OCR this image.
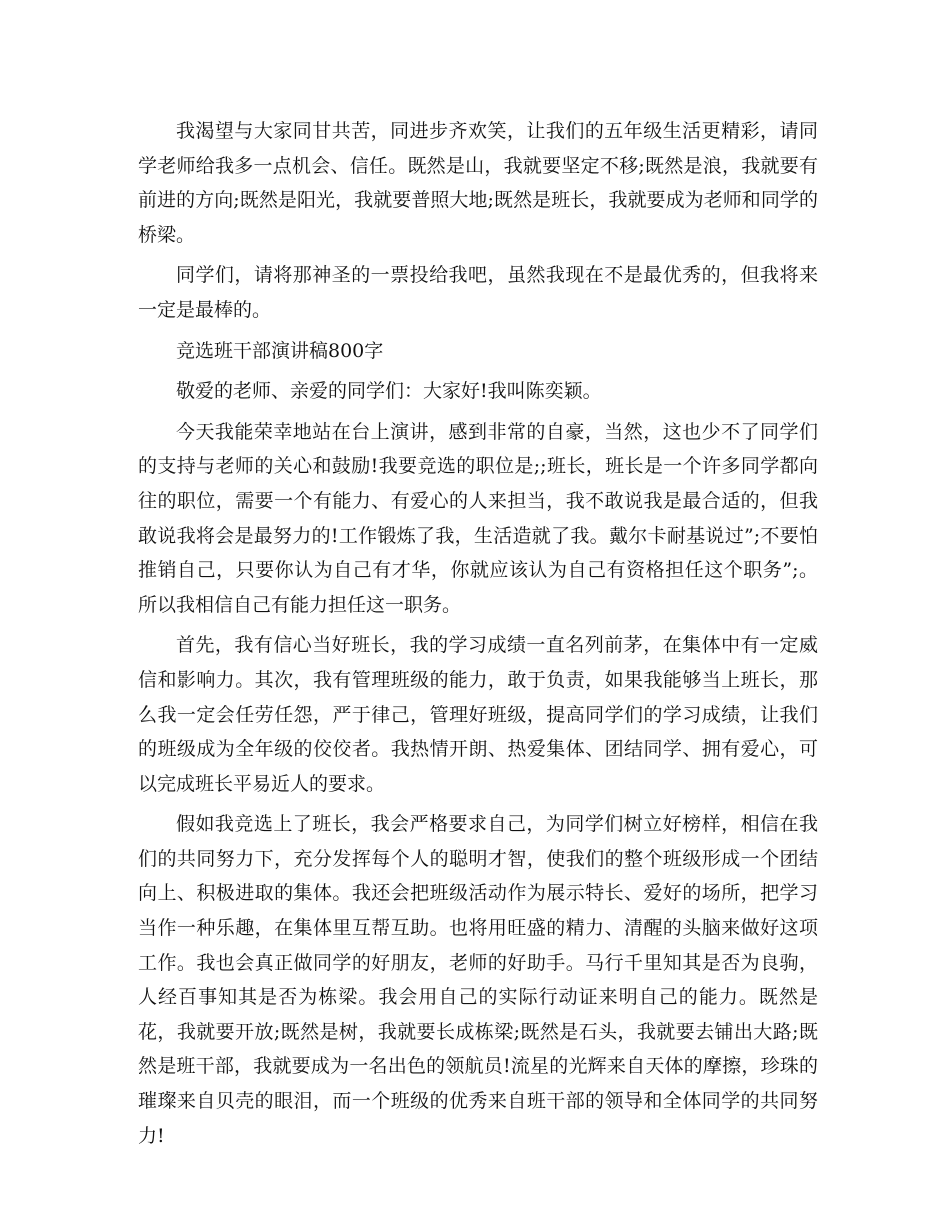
我渴望与大家同甘共苦，同进步齐欢笑，让我们的五年级生活更精彩，请同学老师给我多一点机会、信任。既然是山，我就要坚定不移;既然是浪，我就要有前进的方向;既然是阳光，我就要普照大地;既然是班长，我就要成为老师和同学的桥梁。

同学们，请将那神圣的一票投给我吧，虽然我现在不是最优秀的，但我将来一定是最棒的。

竞选班干部演讲稿800字

敬爱的老师、亲爱的同学们：大家好!我叫陈奕颖。

今天我能荣幸地站在台上演讲，感到非常的自豪，当然，这也少不了同学们的支持与老师的关心和鼓励!我要竞选的职位是;;班长，班长是一个许多同学都向往的职位，需要一个有能力、有爱心的人来担当，我不敢说我是最合适的，但我敢说我将会是最努力的!工作锻炼了我，生活造就了我。戴尔卡耐基说过”;不要怕推销自己，只要你认为自己有才华，你就应该认为自己有资格担任这个职务”;。所以我相信自己有能力担任这一职务。

首先，我有信心当好班长，我的学习成绩一直名列前茅，在集体中有一定威信和影响力。其次，我有管理班级的能力，敢于负责，如果我能够当上班长，那么我一定会任劳任怨，严于律己，管理好班级，提高同学们的学习成绩，让我们的班级成为全年级的佼佼者。我热情开朗、热爱集体、团结同学、拥有爱心，可以完成班长平易近人的要求。

假如我竞选上了班长，我会严格要求自己，为同学们树立好榜样，相信在我们的共同努力下，充分发挥每个人的聪明才智，使我们的整个班级形成一个团结向上、积极进取的集体。我还会把班级活动作为展示特长、爱好的场所，把学习当作一种乐趣，在集体里互帮互助。也将用旺盛的精力、清醒的头脑来做好这项工作。我也会真正做同学的好朋友，老师的好助手。马行千里知其是否为良驹，人经百事知其是否为栋梁。我会用自己的实际行动证来明自己的能力。既然是花，我就要开放;既然是树，我就要长成栋梁;既然是石头，我就要去铺出大路;既然是班干部，我就要成为一名出色的领航员!流星的光辉来自天体的摩擦，珍珠的璀璨来自贝壳的眼泪，而一个班级的优秀来自班干部的领导和全体同学的共同努力!
